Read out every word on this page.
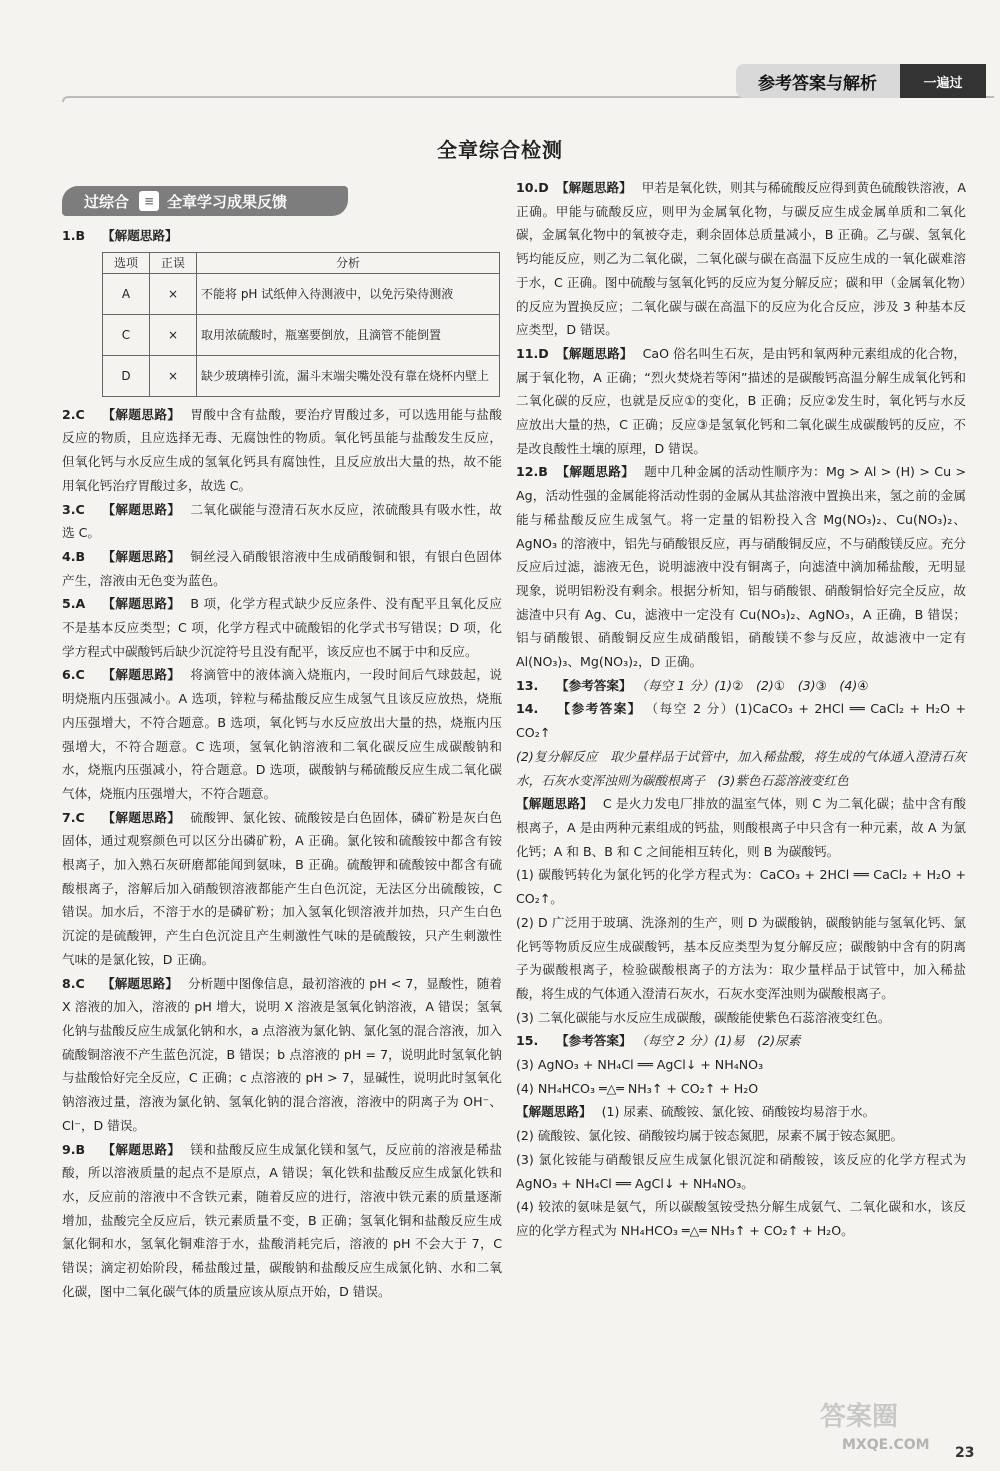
参考答案与解析	一遍过
全章综合检测
过综合	≡ 全章学习成果反馈

1.B 【解题思路】

选项	正误	分析
A	×	不能将 pH 试纸伸入待测液中，以免污染待测液
C	×	取用浓硫酸时，瓶塞要倒放，且滴管不能倒置
D	×	缺少玻璃棒引流，漏斗末端尖嘴处没有靠在烧杯内壁上

2.C 【解题思路】 胃酸中含有盐酸，要治疗胃酸过多，可以选用能与盐酸反应的物质，且应选择无毒、无腐蚀性的物质。氧化钙虽能与盐酸发生反应，但氧化钙与水反应生成的氢氧化钙具有腐蚀性，且反应放出大量的热，故不能用氧化钙治疗胃酸过多，故选 C。

3.C 【解题思路】 二氧化碳能与澄清石灰水反应，浓硫酸具有吸水性，故选 C。

4.B 【解题思路】 铜丝浸入硝酸银溶液中生成硝酸铜和银，有银白色固体产生，溶液由无色变为蓝色。

5.A 【解题思路】 B 项，化学方程式缺少反应条件、没有配平且氧化反应不是基本反应类型；C 项，化学方程式中硫酸铝的化学式书写错误；D 项，化学方程式中碳酸钙后缺少沉淀符号且没有配平，该反应也不属于中和反应。

6.C 【解题思路】 将滴管中的液体滴入烧瓶内，一段时间后气球鼓起，说明烧瓶内压强减小。A 选项，锌粒与稀盐酸反应生成氢气且该反应放热，烧瓶内压强增大，不符合题意。B 选项，氧化钙与水反应放出大量的热，烧瓶内压强增大，不符合题意。C 选项，氢氧化钠溶液和二氧化碳反应生成碳酸钠和水，烧瓶内压强减小，符合题意。D 选项，碳酸钠与稀硫酸反应生成二氧化碳气体，烧瓶内压强增大，不符合题意。

7.C 【解题思路】 硫酸钾、氯化铵、硫酸铵是白色固体，磷矿粉是灰白色固体，通过观察颜色可以区分出磷矿粉，A 正确。氯化铵和硫酸铵中都含有铵根离子，加入熟石灰研磨都能闻到氨味，B 正确。硫酸钾和硫酸铵中都含有硫酸根离子，溶解后加入硝酸钡溶液都能产生白色沉淀，无法区分出硫酸铵，C 错误。加水后，不溶于水的是磷矿粉；加入氢氧化钡溶液并加热，只产生白色沉淀的是硫酸钾，产生白色沉淀且产生刺激性气味的是硫酸铵，只产生刺激性气味的是氯化铵，D 正确。

8.C 【解题思路】 分析题中图像信息，最初溶液的 pH < 7，显酸性，随着 X 溶液的加入，溶液的 pH 增大，说明 X 溶液是氢氧化钠溶液，A 错误；氢氧化钠与盐酸反应生成氯化钠和水，a 点溶液为氯化钠、氯化氢的混合溶液，加入硫酸铜溶液不产生蓝色沉淀，B 错误；b 点溶液的 pH = 7，说明此时氢氧化钠与盐酸恰好完全反应，C 正确；c 点溶液的 pH > 7，显碱性，说明此时氢氧化钠溶液过量，溶液为氯化钠、氢氧化钠的混合溶液，溶液中的阴离子为 OH⁻、Cl⁻，D 错误。

9.B 【解题思路】 镁和盐酸反应生成氯化镁和氢气，反应前的溶液是稀盐酸，所以溶液质量的起点不是原点，A 错误；氧化铁和盐酸反应生成氯化铁和水，反应前的溶液中不含铁元素，随着反应的进行，溶液中铁元素的质量逐渐增加，盐酸完全反应后，铁元素质量不变，B 正确；氢氧化铜和盐酸反应生成氯化铜和水，氢氧化铜难溶于水，盐酸消耗完后，溶液的 pH 不会大于 7，C 错误；滴定初始阶段，稀盐酸过量，碳酸钠和盐酸反应生成氯化钠、水和二氧化碳，图中二氧化碳气体的质量应该从原点开始，D 错误。

10.D 【解题思路】 甲若是氧化铁，则其与稀硫酸反应得到黄色硫酸铁溶液，A 正确。甲能与硫酸反应，则甲为金属氧化物，与碳反应生成金属单质和二氧化碳，金属氧化物中的氧被夺走，剩余固体总质量减小，B 正确。乙与碳、氢氧化钙均能反应，则乙为二氧化碳，二氧化碳与碳在高温下反应生成的一氧化碳难溶于水，C 正确。图中硫酸与氢氧化钙的反应为复分解反应；碳和甲（金属氧化物）的反应为置换反应；二氧化碳与碳在高温下的反应为化合反应，涉及 3 种基本反应类型，D 错误。

11.D 【解题思路】 CaO 俗名叫生石灰，是由钙和氧两种元素组成的化合物，属于氧化物，A 正确；“烈火焚烧若等闲”描述的是碳酸钙高温分解生成氧化钙和二氧化碳的反应，也就是反应①的变化，B 正确；反应②发生时，氧化钙与水反应放出大量的热，C 正确；反应③是氢氧化钙和二氧化碳生成碳酸钙的反应，不是改良酸性土壤的原理，D 错误。

12.B 【解题思路】 题中几种金属的活动性顺序为：Mg > Al > (H) > Cu > Ag，活动性强的金属能将活动性弱的金属从其盐溶液中置换出来，氢之前的金属能与稀盐酸反应生成氢气。将一定量的铝粉投入含 Mg(NO₃)₂、Cu(NO₃)₂、AgNO₃ 的溶液中，铝先与硝酸银反应，再与硝酸铜反应，不与硝酸镁反应。充分反应后过滤，滤液无色，说明滤液中没有铜离子，向滤渣中滴加稀盐酸，无明显现象，说明铝粉没有剩余。根据分析知，铝与硝酸银、硝酸铜恰好完全反应，故滤渣中只有 Ag、Cu，滤液中一定没有 Cu(NO₃)₂、AgNO₃，A 正确，B 错误；铝与硝酸银、硝酸铜反应生成硝酸铝，硝酸镁不参与反应，故滤液中一定有 Al(NO₃)₃、Mg(NO₃)₂，D 正确。

13. 【参考答案】 （每空 1 分）(1)②　(2)①　(3)③　(4)④

14. 【参考答案】 （每空 2 分）(1)CaCO₃ + 2HCl ══ CaCl₂ + H₂O + CO₂↑

(2)复分解反应　取少量样品于试管中，加入稀盐酸，将生成的气体通入澄清石灰水，石灰水变浑浊则为碳酸根离子　(3)紫色石蕊溶液变红色

【解题思路】 C 是火力发电厂排放的温室气体，则 C 为二氧化碳；盐中含有酸根离子，A 是由两种元素组成的钙盐，则酸根离子中只含有一种元素，故 A 为氯化钙；A 和 B、B 和 C 之间能相互转化，则 B 为碳酸钙。

(1) 碳酸钙转化为氯化钙的化学方程式为：CaCO₃ + 2HCl ══ CaCl₂ + H₂O + CO₂↑。

(2) D 广泛用于玻璃、洗涤剂的生产，则 D 为碳酸钠，碳酸钠能与氢氧化钙、氯化钙等物质反应生成碳酸钙，基本反应类型为复分解反应；碳酸钠中含有的阴离子为碳酸根离子，检验碳酸根离子的方法为：取少量样品于试管中，加入稀盐酸，将生成的气体通入澄清石灰水，石灰水变浑浊则为碳酸根离子。

(3) 二氧化碳能与水反应生成碳酸，碳酸能使紫色石蕊溶液变红色。

15. 【参考答案】 （每空 2 分）(1)易　(2)尿素

(3) AgNO₃ + NH₄Cl ══ AgCl↓ + NH₄NO₃

(4) NH₄HCO₃ ═△═ NH₃↑ + CO₂↑ + H₂O

【解题思路】 (1) 尿素、硫酸铵、氯化铵、硝酸铵均易溶于水。

(2) 硫酸铵、氯化铵、硝酸铵均属于铵态氮肥，尿素不属于铵态氮肥。

(3) 氯化铵能与硝酸银反应生成氯化银沉淀和硝酸铵，该反应的化学方程式为 AgNO₃ + NH₄Cl ══ AgCl↓ + NH₄NO₃。

(4) 较浓的氨味是氨气，所以碳酸氢铵受热分解生成氨气、二氧化碳和水，该反应的化学方程式为 NH₄HCO₃ ═△═ NH₃↑ + CO₂↑ + H₂O。

答案圈
MXQE.COM 23
